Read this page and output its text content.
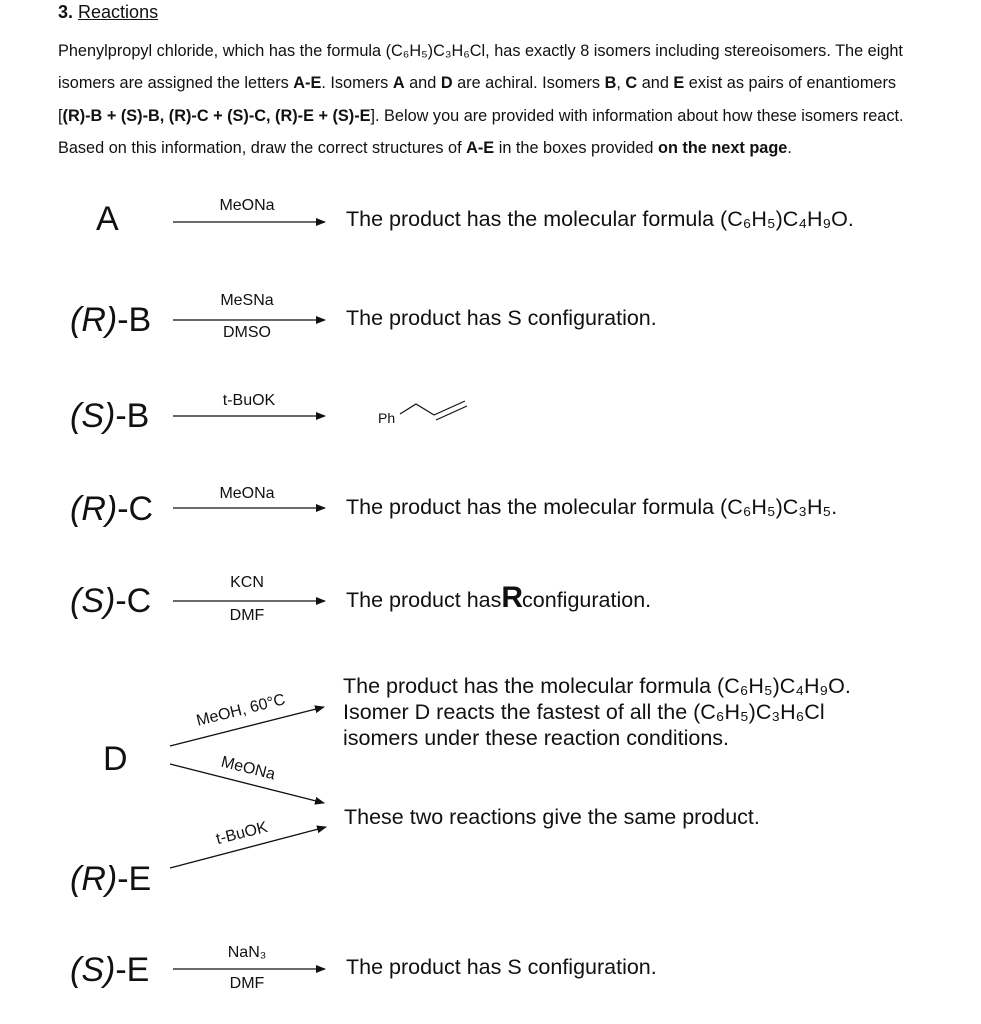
3. Reactions
Phenylpropyl chloride, which has the formula (C₆H₅)C₃H₆Cl, has exactly 8 isomers including stereoisomers. The eight isomers are assigned the letters A-E. Isomers A and D are achiral. Isomers B, C and E exist as pairs of enantiomers [(R)-B + (S)-B, (R)-C + (S)-C, (R)-E + (S)-E]. Below you are provided with information about how these isomers react. Based on this information, draw the correct structures of A-E in the boxes provided on the next page.
A
(R)-B
(S)-B
(R)-C
(S)-C
D
(R)-E
(S)-E
MeONa
MeSNa
DMSO
t-BuOK
MeONa
KCN
DMF
MeOH, 60°C
MeONa
t-BuOK
NaN₃
DMF
The product has the molecular formula (C₆H₅)C₄H₉O.
The product has S configuration.
Ph
The product has the molecular formula (C₆H₅)C₃H₅.
The product hasRconfiguration.
The product has the molecular formula (C₆H₅)C₄H₉O.
Isomer D reacts the fastest of all the (C₆H₅)C₃H₆Cl
isomers under these reaction conditions.
These two reactions give the same product.
The product has S configuration.
